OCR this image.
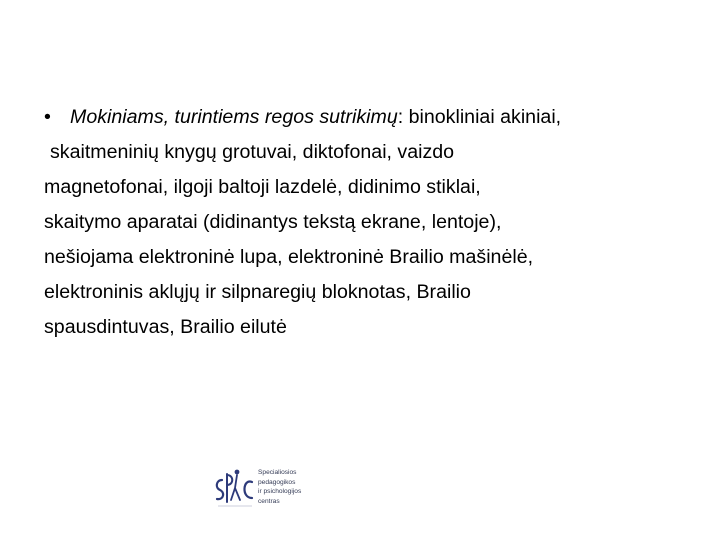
• Mokiniams, turintiems regos sutrikimų: binokliniai akiniai,
skaitmeninių knygų grotuvai, diktofonai, vaizdo
magnetofonai, ilgoji baltoji lazdelė, didinimo stiklai,
skaitymo aparatai (didinantys tekstą ekrane, lentoje),
nešiojama elektroninė lupa, elektroninė Brailio mašinėlė,
elektroninis aklųjų ir silpnaregių bloknotas, Brailio
spausdintuvas, Brailio eilutė
Specialiosios
pedagogikos
ir psichologijos
centras
